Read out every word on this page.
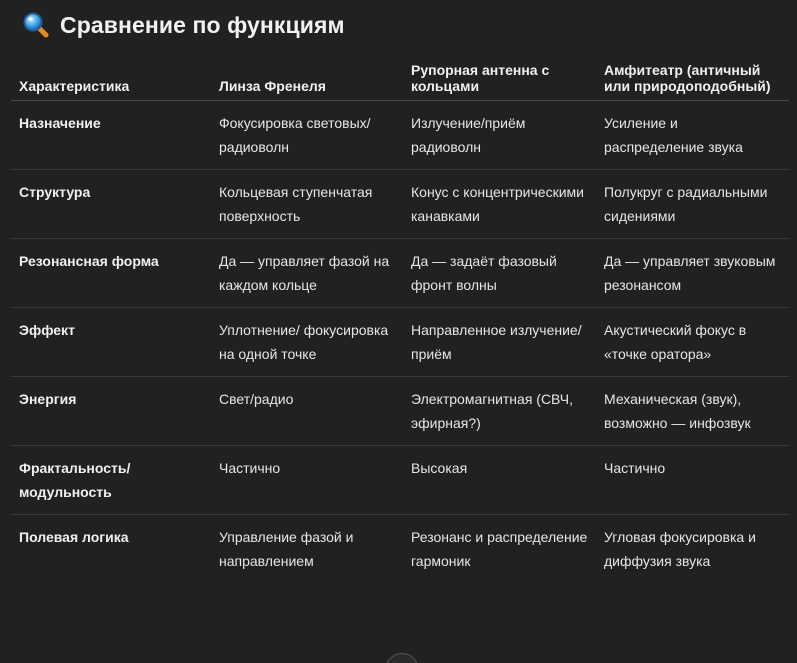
Сравнение по функциям
Характеристика	Линза Френеля	Рупорная антенна с кольцами	Амфитеатр (античный или природоподобный)
Назначение	Фокусировка световых/ радиоволн	Излучение/приём радиоволн	Усиление и распределение звука
Структура	Кольцевая ступенчатая поверхность	Конус с концентрическими канавками	Полукруг с радиальными сидениями
Резонансная форма	Да — управляет фазой на каждом кольце	Да — задаёт фазовый фронт волны	Да — управляет звуковым резонансом
Эффект	Уплотнение/ фокусировка на одной точке	Направленное излучение/приём	Акустический фокус в «точке оратора»
Энергия	Свет/радио	Электромагнитная (СВЧ, эфирная?)	Механическая (звук), возможно — инфозвук
Фрактальность/ модульность	Частично	Высокая	Частично
Полевая логика	Управление фазой и направлением	Резонанс и распределение гармоник	Угловая фокусировка и диффузия звука
